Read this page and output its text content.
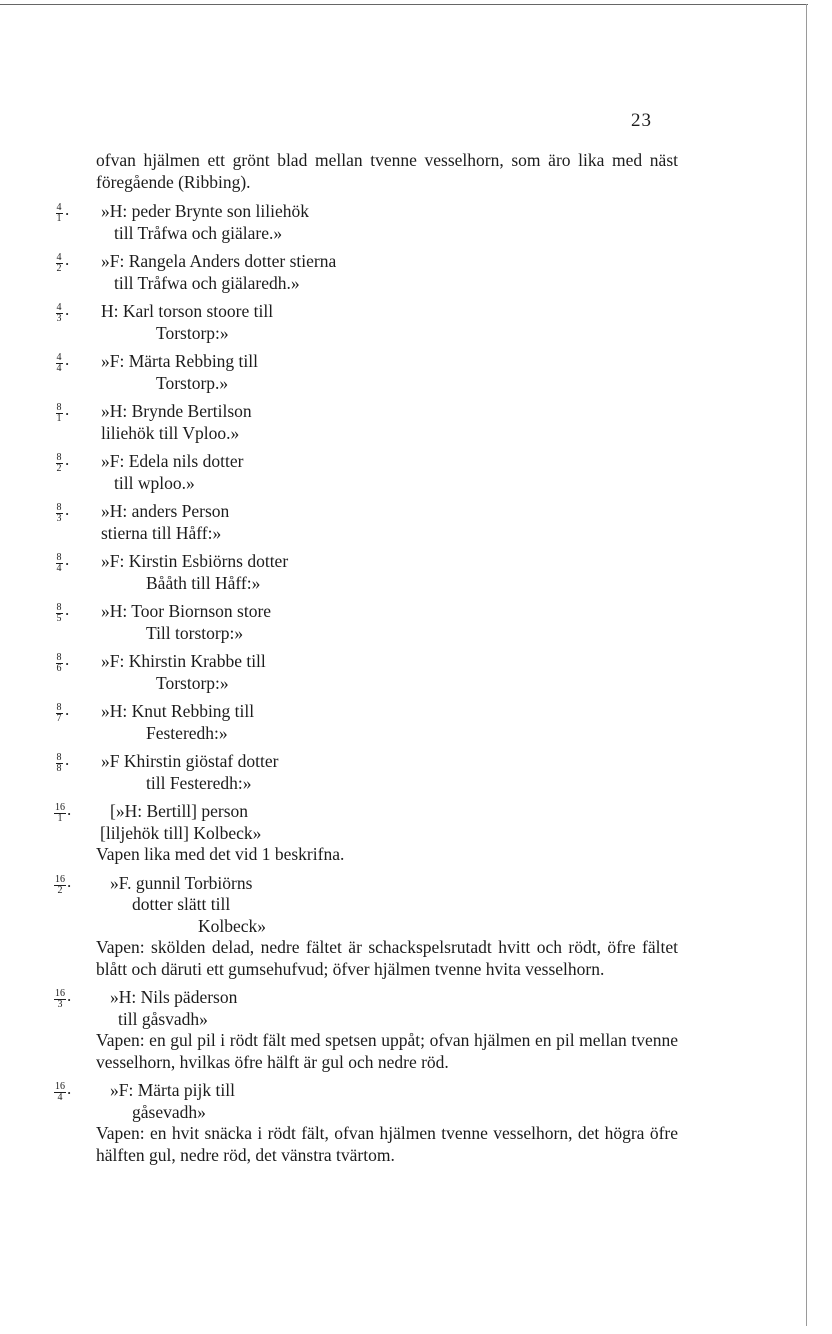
23

ofvan hjälmen ett grönt blad mellan tvenne vesselhorn, som äro lika med näst föregående (Ribbing).

$\frac{4}{1}$ . »H: peder Brynte son liliehök
till Tråfwa och giälare.»
$\frac{4}{2}$ . »F: Rangela Anders dotter stierna
till Tråfwa och giälaredh.»
$\frac{4}{3}$ . H: Karl torson stoore till
Torstorp:»
$\frac{4}{4}$ . »F: Märta Rebbing till
Torstorp.»
$\frac{8}{1}$ . »H: Brynde Bertilson
liliehök till Vploo.»
$\frac{8}{2}$ . »F: Edela nils dotter
till wploo.»
$\frac{8}{3}$ . »H: anders Person
stierna till Håff:»
$\frac{8}{4}$ . »F: Kirstin Esbiörns dotter
Bååth till Håff:»
$\frac{8}{5}$ . »H: Toor Biornson store
Till torstorp:»
$\frac{8}{6}$ . »F: Khirstin Krabbe till
Torstorp:»
$\frac{8}{7}$ . »H: Knut Rebbing till
Festeredh:»
$\frac{8}{8}$ . »F Khirstin giöstaf dotter
till Festeredh:»
$\frac{16}{1}$ .	[»H: Bertill] person
[liljehök till] Kolbeck»
Vapen lika med det vid 1 beskrifna.
$\frac{16}{2}$ .	»F. gunnil Torbiörns
dotter slätt till
Kolbeck»
Vapen: skölden delad, nedre fältet är schackspelsrutadt hvitt och rödt, öfre fältet blått och däruti ett gumsehufvud; öfver hjälmen tvenne hvita vesselhorn.
$\frac{16}{3}$ .	»H: Nils päderson
till gåsvadh»
Vapen: en gul pil i rödt fält med spetsen uppåt; ofvan hjälmen en pil mellan tvenne vesselhorn, hvilkas öfre hälft är gul och nedre röd.
$\frac{16}{4}$ .	»F: Märta pijk till
gåsevadh»
Vapen: en hvit snäcka i rödt fält, ofvan hjälmen tvenne vesselhorn, det högra öfre hälften gul, nedre röd, det vänstra tvärtom.
